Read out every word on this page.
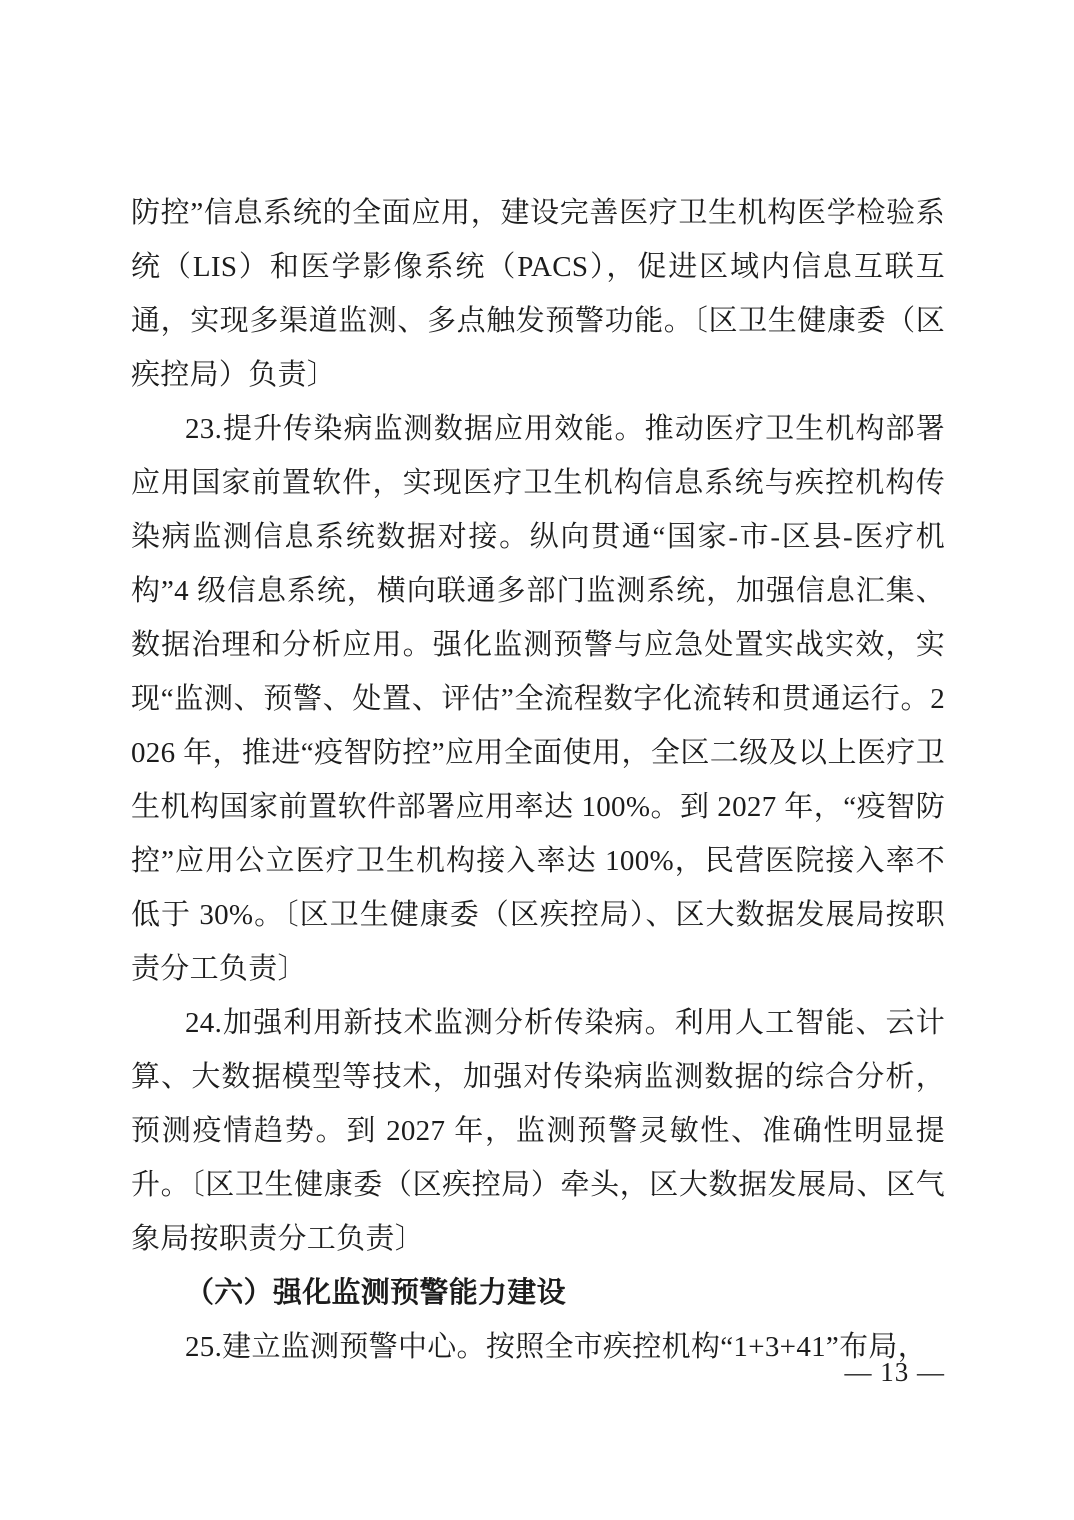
防控”信息系统的全面应用，建设完善医疗卫生机构医学检验系统（LIS）和医学影像系统（PACS），促进区域内信息互联互通，实现多渠道监测、多点触发预警功能。〔区卫生健康委（区疾控局）负责〕

23.提升传染病监测数据应用效能。推动医疗卫生机构部署应用国家前置软件，实现医疗卫生机构信息系统与疾控机构传染病监测信息系统数据对接。纵向贯通“国家-市-区县-医疗机构”4 级信息系统，横向联通多部门监测系统，加强信息汇集、数据治理和分析应用。强化监测预警与应急处置实战实效，实现“监测、预警、处置、评估”全流程数字化流转和贯通运行。2026 年，推进“疫智防控”应用全面使用，全区二级及以上医疗卫生机构国家前置软件部署应用率达 100%。到 2027 年，“疫智防控”应用公立医疗卫生机构接入率达 100%，民营医院接入率不低于 30%。〔区卫生健康委（区疾控局）、区大数据发展局按职责分工负责〕

24.加强利用新技术监测分析传染病。利用人工智能、云计算、大数据模型等技术，加强对传染病监测数据的综合分析，预测疫情趋势。到 2027 年，监测预警灵敏性、准确性明显提升。〔区卫生健康委（区疾控局）牵头，区大数据发展局、区气象局按职责分工负责〕

（六）强化监测预警能力建设

25.建立监测预警中心。按照全市疾控机构“1+3+41”布局，

— 13 —
